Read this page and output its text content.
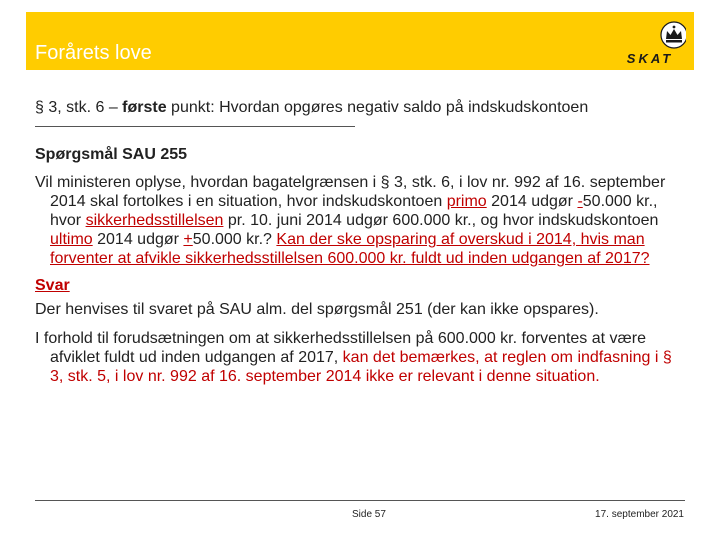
Forårets love	SKAT
§ 3, stk. 6 – første punkt: Hvordan opgøres negativ saldo på indskudskontoen
Spørgsmål SAU 255
Vil ministeren oplyse, hvordan bagatelgrænsen i § 3, stk. 6, i lov nr. 992 af 16. september 2014 skal fortolkes i en situation, hvor indskudskontoen primo 2014 udgør -50.000 kr., hvor sikkerhedsstillelsen pr. 10. juni 2014 udgør 600.000 kr., og hvor indskudskontoen ultimo 2014 udgør +50.000 kr.? Kan der ske opsparing af overskud i 2014, hvis man forventer at afvikle sikkerhedsstillelsen 600.000 kr. fuldt ud inden udgangen af 2017?
Svar
Der henvises til svaret på SAU alm. del spørgsmål 251 (der kan ikke opspares).
I forhold til forudsætningen om at sikkerhedsstillelsen på 600.000 kr. forventes at være afviklet fuldt ud inden udgangen af 2017, kan det bemærkes, at reglen om indfasning i § 3, stk. 5, i lov nr. 992 af 16. september 2014 ikke er relevant i denne situation.
Side 57	17. september 2021
